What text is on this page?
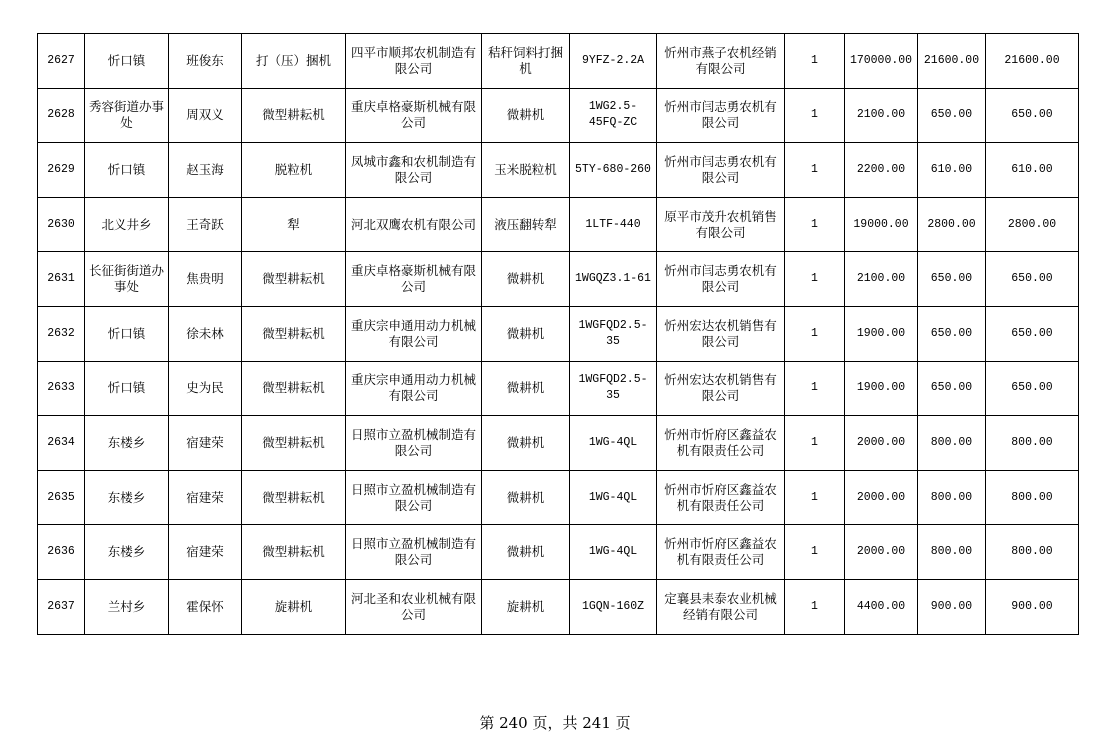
2627	忻口镇	班俊东	打（压）捆机	四平市顺邦农机制造有限公司	秸秆饲料打捆机	9YFZ-2.2A	忻州市燕子农机经销有限公司	1	170000.00	21600.00	21600.00
2628	秀容街道办事处	周双义	微型耕耘机	重庆卓格豪斯机械有限公司	微耕机	1WG2.5-45FQ-ZC	忻州市闫志勇农机有限公司	1	2100.00	650.00	650.00
2629	忻口镇	赵玉海	脱粒机	凤城市鑫和农机制造有限公司	玉米脱粒机	5TY-680-260	忻州市闫志勇农机有限公司	1	2200.00	610.00	610.00
2630	北义井乡	王奇跃	犁	河北双鹰农机有限公司	液压翻转犁	1LTF-440	原平市茂升农机销售有限公司	1	19000.00	2800.00	2800.00
2631	长征街街道办事处	焦贵明	微型耕耘机	重庆卓格豪斯机械有限公司	微耕机	1WGQZ3.1-61	忻州市闫志勇农机有限公司	1	2100.00	650.00	650.00
2632	忻口镇	徐未林	微型耕耘机	重庆宗申通用动力机械有限公司	微耕机	1WGFQD2.5-35	忻州宏达农机销售有限公司	1	1900.00	650.00	650.00
2633	忻口镇	史为民	微型耕耘机	重庆宗申通用动力机械有限公司	微耕机	1WGFQD2.5-35	忻州宏达农机销售有限公司	1	1900.00	650.00	650.00
2634	东楼乡	宿建荣	微型耕耘机	日照市立盈机械制造有限公司	微耕机	1WG-4QL	忻州市忻府区鑫益农机有限责任公司	1	2000.00	800.00	800.00
2635	东楼乡	宿建荣	微型耕耘机	日照市立盈机械制造有限公司	微耕机	1WG-4QL	忻州市忻府区鑫益农机有限责任公司	1	2000.00	800.00	800.00
2636	东楼乡	宿建荣	微型耕耘机	日照市立盈机械制造有限公司	微耕机	1WG-4QL	忻州市忻府区鑫益农机有限责任公司	1	2000.00	800.00	800.00
2637	兰村乡	霍保怀	旋耕机	河北圣和农业机械有限公司	旋耕机	1GQN-160Z	定襄县耒泰农业机械经销有限公司	1	4400.00	900.00	900.00
第 240 页，共 241 页
